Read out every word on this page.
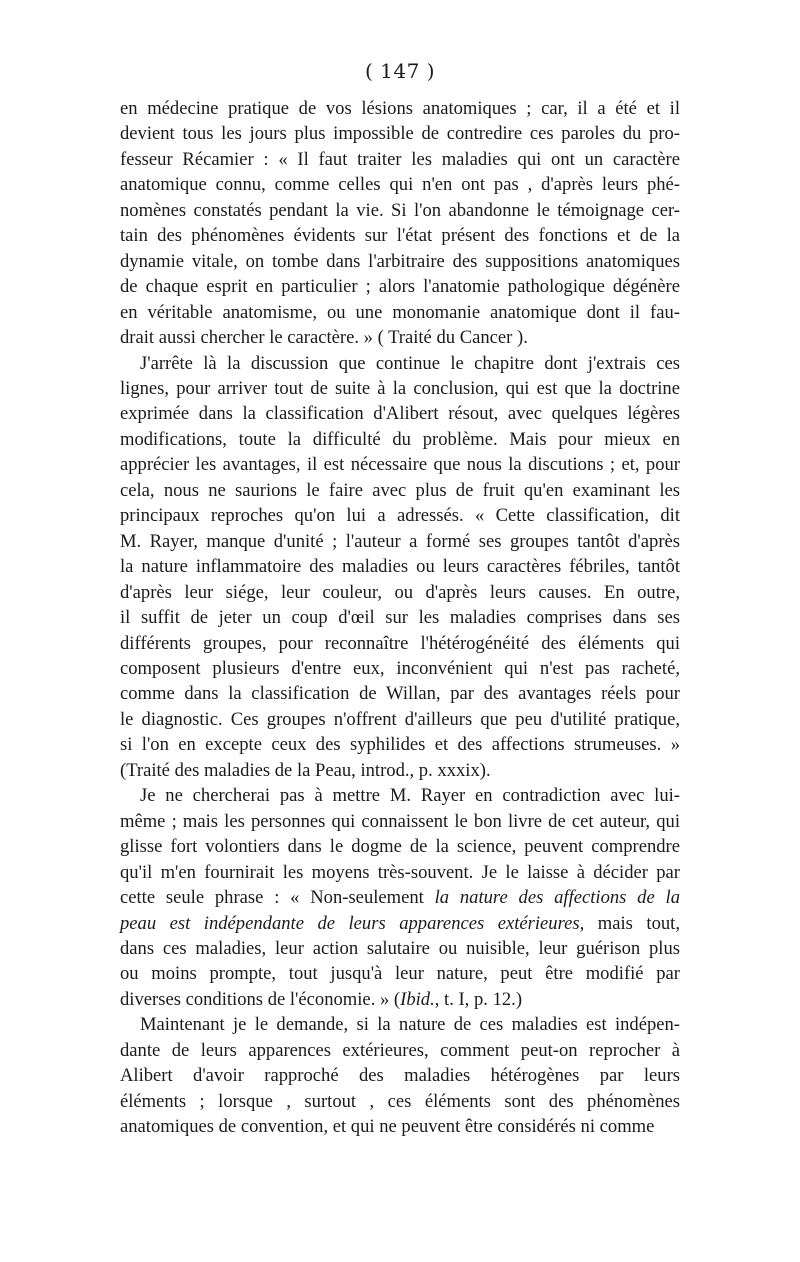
( 147 )

en médecine pratique de vos lésions anatomiques ; car, il a été et il
devient tous les jours plus impossible de contredire ces paroles du pro-
fesseur Récamier : « Il faut traiter les maladies qui ont un caractère
anatomique connu, comme celles qui n'en ont pas , d'après leurs phé-
nomènes constatés pendant la vie. Si l'on abandonne le témoignage cer-
tain des phénomènes évidents sur l'état présent des fonctions et de la
dynamie vitale, on tombe dans l'arbitraire des suppositions anatomiques
de chaque esprit en particulier ; alors l'anatomie pathologique dégénère
en véritable anatomisme, ou une monomanie anatomique dont il fau-
drait aussi chercher le caractère. » ( Traité du Cancer ).

J'arrête là la discussion que continue le chapitre dont j'extrais ces
lignes, pour arriver tout de suite à la conclusion, qui est que la doctrine
exprimée dans la classification d'Alibert résout, avec quelques légères
modifications, toute la difficulté du problème. Mais pour mieux en
apprécier les avantages, il est nécessaire que nous la discutions ; et, pour
cela, nous ne saurions le faire avec plus de fruit qu'en examinant les
principaux reproches qu'on lui a adressés. « Cette classification, dit
M. Rayer, manque d'unité ; l'auteur a formé ses groupes tantôt d'après
la nature inflammatoire des maladies ou leurs caractères fébriles, tantôt
d'après leur siége, leur couleur, ou d'après leurs causes. En outre,
il suffit de jeter un coup d'œil sur les maladies comprises dans ses
différents groupes, pour reconnaître l'hétérogénéité des éléments qui
composent plusieurs d'entre eux, inconvénient qui n'est pas racheté,
comme dans la classification de Willan, par des avantages réels pour
le diagnostic. Ces groupes n'offrent d'ailleurs que peu d'utilité pratique,
si l'on en excepte ceux des syphilides et des affections strumeuses. »
(Traité des maladies de la Peau, introd., p. xxxix).

Je ne chercherai pas à mettre M. Rayer en contradiction avec lui-
même ; mais les personnes qui connaissent le bon livre de cet auteur, qui
glisse fort volontiers dans le dogme de la science, peuvent comprendre
qu'il m'en fournirait les moyens très-souvent. Je le laisse à décider par
cette seule phrase : « Non-seulement la nature des affections de la
peau est indépendante de leurs apparences extérieures, mais tout,
dans ces maladies, leur action salutaire ou nuisible, leur guérison plus
ou moins prompte, tout jusqu'à leur nature, peut être modifié par
diverses conditions de l'économie. » (Ibid., t. I, p. 12.)

Maintenant je le demande, si la nature de ces maladies est indépen-
dante de leurs apparences extérieures, comment peut-on reprocher à
Alibert d'avoir rapproché des maladies hétérogènes par leurs
éléments ; lorsque , surtout , ces éléments sont des phénomènes
anatomiques de convention, et qui ne peuvent être considérés ni comme
